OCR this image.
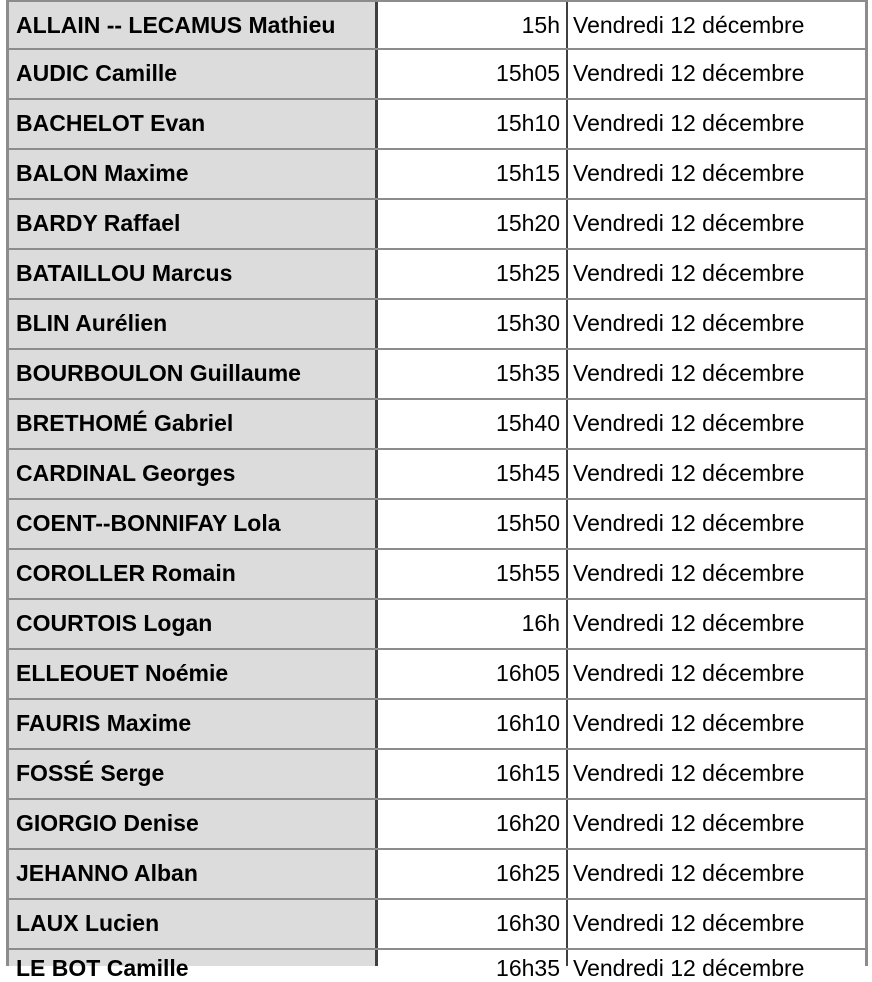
ALLAIN -- LECAMUS Mathieu	15h Vendredi 12 décembre
AUDIC Camille	15h05 Vendredi 12 décembre
BACHELOT Evan	15h10 Vendredi 12 décembre
BALON Maxime	15h15 Vendredi 12 décembre
BARDY Raffael	15h20 Vendredi 12 décembre
BATAILLOU Marcus	15h25 Vendredi 12 décembre
BLIN Aurélien	15h30 Vendredi 12 décembre
BOURBOULON Guillaume	15h35 Vendredi 12 décembre
BRETHOMÉ Gabriel	15h40 Vendredi 12 décembre
CARDINAL Georges	15h45 Vendredi 12 décembre
COENT--BONNIFAY Lola	15h50 Vendredi 12 décembre
COROLLER Romain	15h55 Vendredi 12 décembre
COURTOIS Logan	16h Vendredi 12 décembre
ELLEOUET Noémie	16h05 Vendredi 12 décembre
FAURIS Maxime	16h10 Vendredi 12 décembre
FOSSÉ Serge	16h15 Vendredi 12 décembre
GIORGIO Denise	16h20 Vendredi 12 décembre
JEHANNO Alban	16h25 Vendredi 12 décembre
LAUX Lucien	16h30 Vendredi 12 décembre
LE BOT Camille	16h35 Vendredi 12 décembre
